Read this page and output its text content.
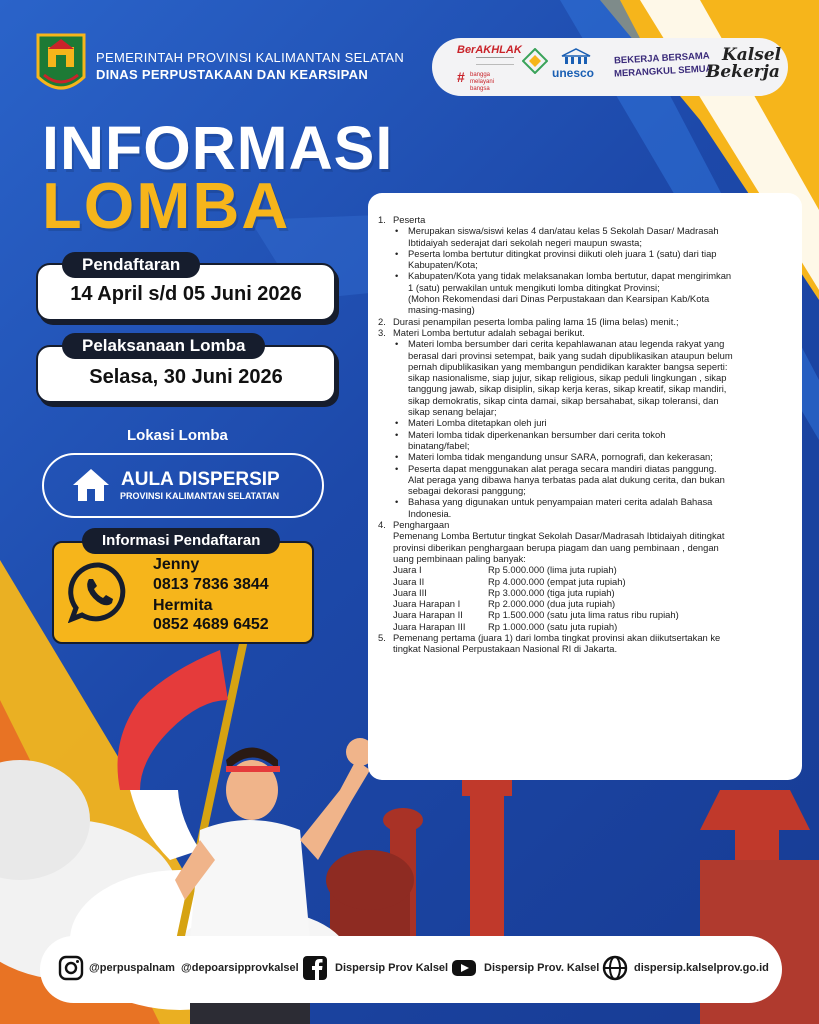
PEMERINTAH PROVINSI KALIMANTAN SELATAN
DINAS PERPUSTAKAAN DAN KEARSIPAN
BerAKHLAK
# bangga melayani bangsa
unesco
BEKERJA BERSAMA
MERANGKUL SEMUA
Kalsel
Bekerja
INFORMASI
LOMBA
14 April s/d 05 Juni 2026
Pendaftaran
Selasa, 30 Juni 2026
Pelaksanaan Lomba
Lokasi Lomba
AULA DISPERSIP
PROVINSI KALIMANTAN SELATATAN
Informasi Pendaftaran
Jenny
0813 7836 3844
Hermita
0852 4689 6452
1. Peserta
• Merupakan siswa/siswi kelas 4 dan/atau kelas 5 Sekolah Dasar/ Madrasah
Ibtidaiyah sederajat dari sekolah negeri maupun swasta;
• Peserta lomba bertutur ditingkat provinsi diikuti oleh juara 1 (satu) dari tiap
Kabupaten/Kota;
• Kabupaten/Kota yang tidak melaksanakan lomba bertutur, dapat mengirimkan
1 (satu) perwakilan untuk mengikuti lomba ditingkat Provinsi;
(Mohon Rekomendasi dari Dinas Perpustakaan dan Kearsipan Kab/Kota
masing-masing)
2. Durasi penampilan peserta lomba paling lama 15 (lima belas) menit.;
3. Materi Lomba bertutur adalah sebagai berikut.
• Materi lomba bersumber dari cerita kepahlawanan atau legenda rakyat yang
berasal dari provinsi setempat, baik yang sudah dipublikasikan ataupun belum
pernah dipublikasikan yang membangun pendidikan karakter bangsa seperti:
sikap nasionalisme, siap jujur, sikap religious, sikap peduli lingkungan , sikap
tanggung jawab, sikap disiplin, sikap kerja keras, sikap kreatif, sikap mandiri,
sikap demokratis, sikap cinta damai, sikap bersahabat, sikap toleransi, dan
sikap senang belajar;
• Materi Lomba ditetapkan oleh juri
• Materi lomba tidak diperkenankan bersumber dari cerita tokoh
binatang/fabel;
• Materi lomba tidak mengandung unsur SARA, pornografi, dan kekerasan;
• Peserta dapat menggunakan alat peraga secara mandiri diatas panggung.
Alat peraga yang dibawa hanya terbatas pada alat dukung cerita, dan bukan
sebagai dekorasi panggung;
• Bahasa yang digunakan untuk penyampaian materi cerita adalah Bahasa
Indonesia.
4. Penghargaan
Pemenang Lomba Bertutur tingkat Sekolah Dasar/Madrasah Ibtidaiyah ditingkat
provinsi diberikan penghargaan berupa piagam dan uang pembinaan , dengan
uang pembinaan paling banyak:
Juara I	Rp 5.000.000 (lima juta rupiah)
Juara II	Rp 4.000.000 (empat juta rupiah)
Juara III	Rp 3.000.000 (tiga juta rupiah)
Juara Harapan I	Rp 2.000.000 (dua juta rupiah)
Juara Harapan II	Rp 1.500.000 (satu juta lima ratus ribu rupiah)
Juara Harapan III Rp 1.000.000 (satu juta rupiah)
5. Pemenang pertama (juara 1) dari lomba tingkat provinsi akan diikutsertakan ke
tingkat Nasional Perpustakaan Nasional RI di Jakarta.
@perpuspalnam @depoarsipprovkalsel	Dispersip Prov Kalsel	Dispersip Prov. Kalsel	dispersip.kalselprov.go.id
